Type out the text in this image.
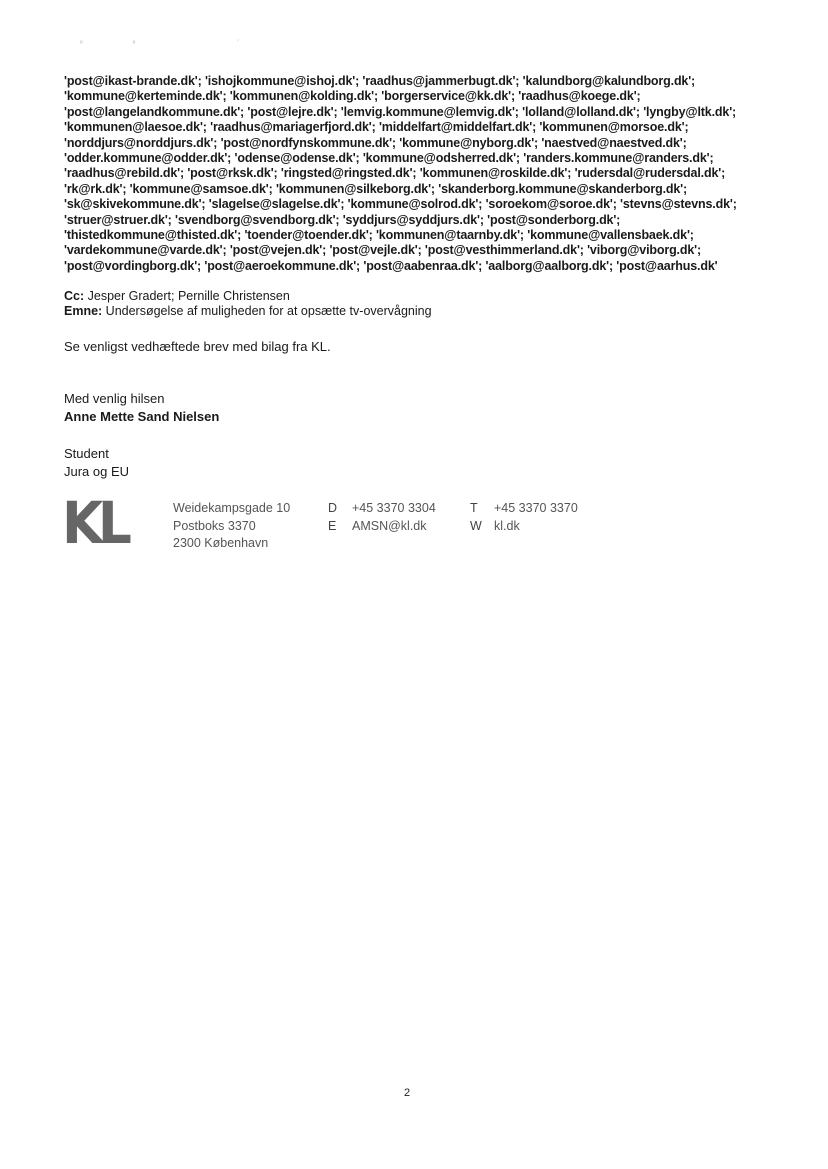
ᵒᵒ	ʼ
'post@ikast-brande.dk'; 'ishojkommune@ishoj.dk'; 'raadhus@jammerbugt.dk'; 'kalundborg@kalundborg.dk';
'kommune@kerteminde.dk'; 'kommunen@kolding.dk'; 'borgerservice@kk.dk'; 'raadhus@koege.dk';
'post@langelandkommune.dk'; 'post@lejre.dk'; 'lemvig.kommune@lemvig.dk'; 'lolland@lolland.dk'; 'lyngby@ltk.dk';
'kommunen@laesoe.dk'; 'raadhus@mariagerfjord.dk'; 'middelfart@middelfart.dk'; 'kommunen@morsoe.dk';
'norddjurs@norddjurs.dk'; 'post@nordfynskommune.dk'; 'kommune@nyborg.dk'; 'naestved@naestved.dk';
'odder.kommune@odder.dk'; 'odense@odense.dk'; 'kommune@odsherred.dk'; 'randers.kommune@randers.dk';
'raadhus@rebild.dk'; 'post@rksk.dk'; 'ringsted@ringsted.dk'; 'kommunen@roskilde.dk'; 'rudersdal@rudersdal.dk';
'rk@rk.dk'; 'kommune@samsoe.dk'; 'kommunen@silkeborg.dk'; 'skanderborg.kommune@skanderborg.dk';
'sk@skivekommune.dk'; 'slagelse@slagelse.dk'; 'kommune@solrod.dk'; 'soroekom@soroe.dk'; 'stevns@stevns.dk';
'struer@struer.dk'; 'svendborg@svendborg.dk'; 'syddjurs@syddjurs.dk'; 'post@sonderborg.dk';
'thistedkommune@thisted.dk'; 'toender@toender.dk'; 'kommunen@taarnby.dk'; 'kommune@vallensbaek.dk';
'vardekommune@varde.dk'; 'post@vejen.dk'; 'post@vejle.dk'; 'post@vesthimmerland.dk'; 'viborg@viborg.dk';
'post@vordingborg.dk'; 'post@aeroekommune.dk'; 'post@aabenraa.dk'; 'aalborg@aalborg.dk'; 'post@aarhus.dk'
Cc: Jesper Gradert; Pernille Christensen
Emne: Undersøgelse af muligheden for at opsætte tv-overvågning
Se venligst vedhæftede brev med bilag fra KL.
Med venlig hilsen
Anne Mette Sand Nielsen
Student
Jura og EU
KL	Weidekampsgade 10
Postboks 3370
2300 København
D +45 3370 3304
E AMSN@kl.dk
T +45 3370 3370
W kl.dk
2
